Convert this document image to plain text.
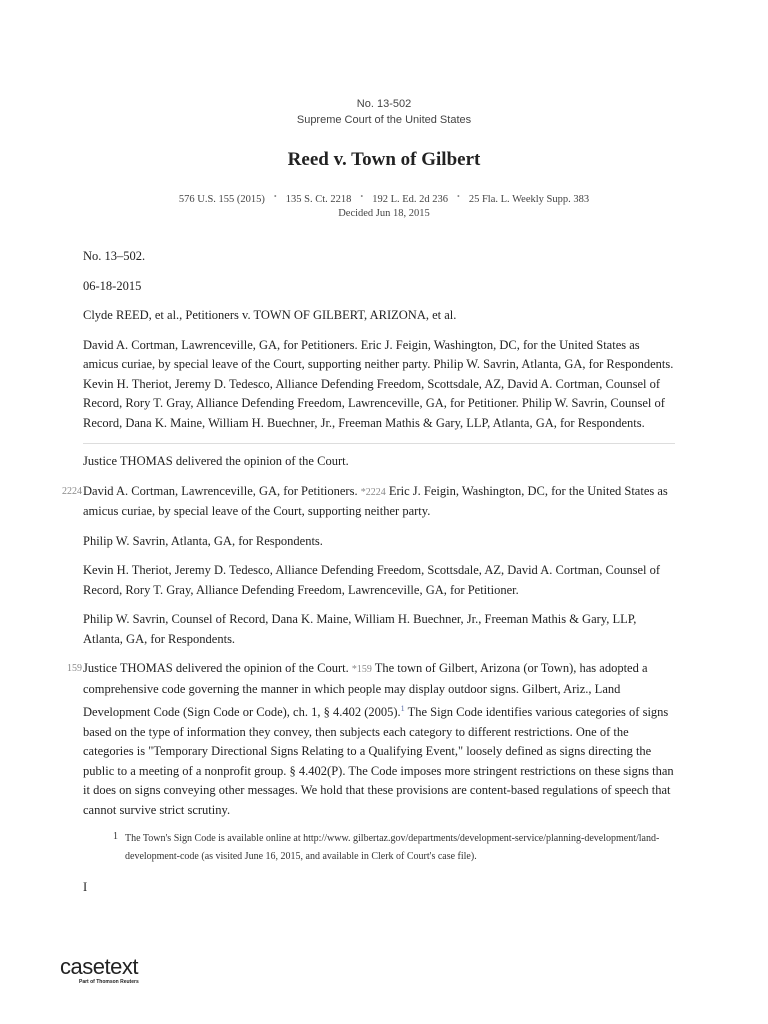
No. 13-502
Supreme Court of the United States
Reed v. Town of Gilbert
576 U.S. 155 (2015) • 135 S. Ct. 2218 • 192 L. Ed. 2d 236 • 25 Fla. L. Weekly Supp. 383
Decided Jun 18, 2015

No. 13–502.

06-18-2015

Clyde REED, et al., Petitioners v. TOWN OF GILBERT, ARIZONA, et al.

David A. Cortman, Lawrenceville, GA, for Petitioners. Eric J. Feigin, Washington, DC, for the United States as amicus curiae, by special leave of the Court, supporting neither party. Philip W. Savrin, Atlanta, GA, for Respondents. Kevin H. Theriot, Jeremy D. Tedesco, Alliance Defending Freedom, Scottsdale, AZ, David A. Cortman, Counsel of Record, Rory T. Gray, Alliance Defending Freedom, Lawrenceville, GA, for Petitioner. Philip W. Savrin, Counsel of Record, Dana K. Maine, William H. Buechner, Jr., Freeman Mathis & Gary, LLP, Atlanta, GA, for Respondents.

Justice THOMAS delivered the opinion of the Court.

2224 David A. Cortman, Lawrenceville, GA, for Petitioners. *2224 Eric J. Feigin, Washington, DC, for the United States as amicus curiae, by special leave of the Court, supporting neither party.

Philip W. Savrin, Atlanta, GA, for Respondents.

Kevin H. Theriot, Jeremy D. Tedesco, Alliance Defending Freedom, Scottsdale, AZ, David A. Cortman, Counsel of Record, Rory T. Gray, Alliance Defending Freedom, Lawrenceville, GA, for Petitioner.

Philip W. Savrin, Counsel of Record, Dana K. Maine, William H. Buechner, Jr., Freeman Mathis & Gary, LLP, Atlanta, GA, for Respondents.

159 Justice THOMAS delivered the opinion of the Court. *159 The town of Gilbert, Arizona (or Town), has adopted a comprehensive code governing the manner in which people may display outdoor signs. Gilbert, Ariz., Land Development Code (Sign Code or Code), ch. 1, § 4.402 (2005).$^1$ The Sign Code identifies various categories of signs based on the type of information they convey, then subjects each category to different restrictions. One of the categories is "Temporary Directional Signs Relating to a Qualifying Event," loosely defined as signs directing the public to a meeting of a nonprofit group. § 4.402(P). The Code imposes more stringent restrictions on these signs than it does on signs conveying other messages. We hold that these provisions are content-based regulations of speech that cannot survive strict scrutiny.

1 The Town's Sign Code is available online at http://www. gilbertaz.gov/departments/development-service/planning-development/land-development-code (as visited June 16, 2015, and available in Clerk of Court's case file).

I

casetext
Part of Thomson Reuters
